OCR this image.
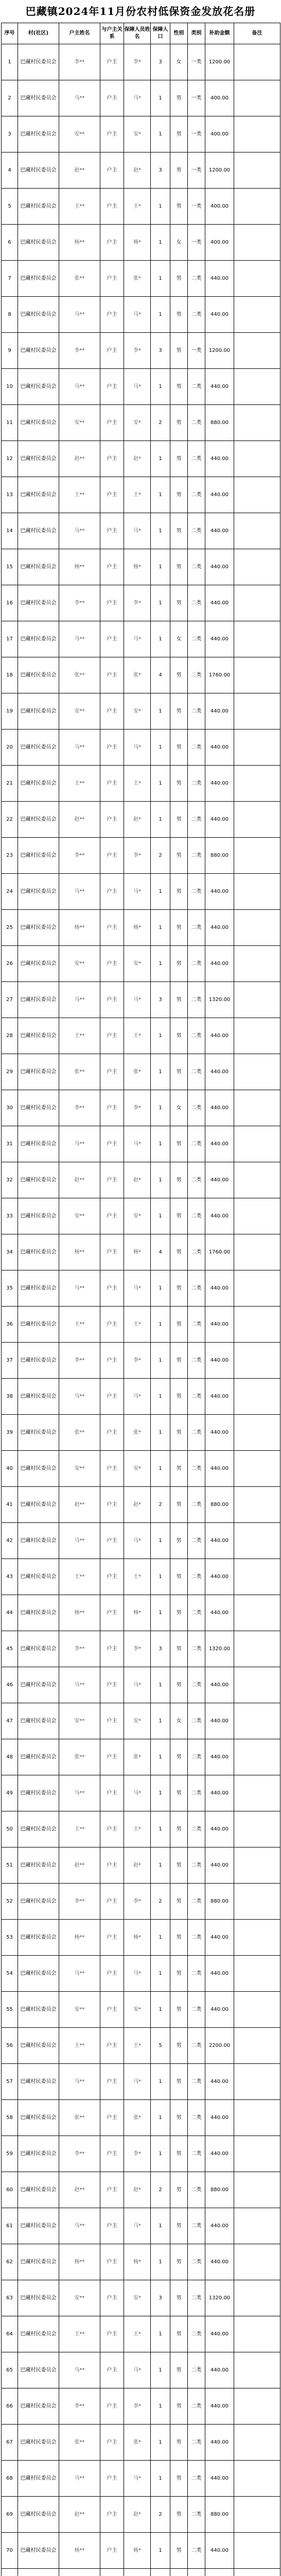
巴藏镇2024年11月份农村低保资金发放花名册
序号	村(社区)	户主姓名	与户主关系	保障人员姓名	保障人口	性别	类别	补助金额	备注
1	巴藏村民委员会	李**	户主	李*	3	女	一类	1200.00	
2	巴藏村民委员会	马**	户主	马*	1	男	一类	400.00	
3	巴藏村民委员会	安**	户主	安*	1	男	一类	400.00	
4	巴藏村民委员会	赵**	户主	赵*	3	男	一类	1200.00	
5	巴藏村民委员会	王**	户主	王*	1	男	一类	400.00	
6	巴藏村民委员会	杨**	户主	杨*	1	女	一类	400.00	
7	巴藏村民委员会	张**	户主	张*	1	男	二类	440.00	
8	巴藏村民委员会	马**	户主	马*	1	男	二类	440.00	
9	巴藏村民委员会	李**	户主	李*	3	男	一类	1200.00	
10	巴藏村民委员会	马**	户主	马*	1	男	二类	440.00	
11	巴藏村民委员会	安**	户主	安*	2	男	二类	880.00	
12	巴藏村民委员会	赵**	户主	赵*	1	男	二类	440.00	
13	巴藏村民委员会	王**	户主	王*	1	男	二类	440.00	
14	巴藏村民委员会	马**	户主	马*	1	男	二类	440.00	
15	巴藏村民委员会	杨**	户主	杨*	1	男	二类	440.00	
16	巴藏村民委员会	李**	户主	李*	1	男	二类	440.00	
17	巴藏村民委员会	马**	户主	马*	1	女	二类	440.00	
18	巴藏村民委员会	张**	户主	张*	4	男	二类	1760.00	
19	巴藏村民委员会	安**	户主	安*	1	男	二类	440.00	
20	巴藏村民委员会	马**	户主	马*	1	男	二类	440.00	
21	巴藏村民委员会	王**	户主	王*	1	男	二类	440.00	
22	巴藏村民委员会	赵**	户主	赵*	1	男	二类	440.00	
23	巴藏村民委员会	李**	户主	李*	2	男	二类	880.00	
24	巴藏村民委员会	马**	户主	马*	1	男	二类	440.00	
25	巴藏村民委员会	杨**	户主	杨*	1	男	二类	440.00	
26	巴藏村民委员会	安**	户主	安*	1	男	二类	440.00	
27	巴藏村民委员会	马**	户主	马*	3	男	二类	1320.00	
28	巴藏村民委员会	王**	户主	王*	1	男	二类	440.00	
29	巴藏村民委员会	张**	户主	张*	1	男	二类	440.00	
30	巴藏村民委员会	李**	户主	李*	1	女	二类	440.00	
31	巴藏村民委员会	马**	户主	马*	1	男	二类	440.00	
32	巴藏村民委员会	赵**	户主	赵*	1	男	二类	440.00	
33	巴藏村民委员会	安**	户主	安*	1	男	二类	440.00	
34	巴藏村民委员会	杨**	户主	杨*	4	男	二类	1760.00	
35	巴藏村民委员会	马**	户主	马*	1	男	二类	440.00	
36	巴藏村民委员会	王**	户主	王*	1	男	二类	440.00	
37	巴藏村民委员会	李**	户主	李*	1	男	二类	440.00	
38	巴藏村民委员会	马**	户主	马*	1	男	二类	440.00	
39	巴藏村民委员会	张**	户主	张*	1	男	二类	440.00	
40	巴藏村民委员会	安**	户主	安*	1	男	二类	440.00	
41	巴藏村民委员会	赵**	户主	赵*	2	男	二类	880.00	
42	巴藏村民委员会	马**	户主	马*	1	男	二类	440.00	
43	巴藏村民委员会	王**	户主	王*	1	男	二类	440.00	
44	巴藏村民委员会	杨**	户主	杨*	1	男	二类	440.00	
45	巴藏村民委员会	李**	户主	李*	3	男	二类	1320.00	
46	巴藏村民委员会	马**	户主	马*	1	男	二类	440.00	
47	巴藏村民委员会	安**	户主	安*	1	女	二类	440.00	
48	巴藏村民委员会	张**	户主	张*	1	男	二类	440.00	
49	巴藏村民委员会	马**	户主	马*	1	男	二类	440.00	
50	巴藏村民委员会	王**	户主	王*	1	男	二类	440.00	
51	巴藏村民委员会	赵**	户主	赵*	1	男	二类	440.00	
52	巴藏村民委员会	李**	户主	李*	2	男	二类	880.00	
53	巴藏村民委员会	杨**	户主	杨*	1	男	二类	440.00	
54	巴藏村民委员会	马**	户主	马*	1	男	二类	440.00	
55	巴藏村民委员会	安**	户主	安*	1	男	二类	440.00	
56	巴藏村民委员会	王**	户主	王*	5	男	二类	2200.00	
57	巴藏村民委员会	马**	户主	马*	1	男	二类	440.00	
58	巴藏村民委员会	张**	户主	张*	1	男	二类	440.00	
59	巴藏村民委员会	李**	户主	李*	1	男	二类	440.00	
60	巴藏村民委员会	赵**	户主	赵*	2	男	二类	880.00	
61	巴藏村民委员会	马**	户主	马*	1	男	二类	440.00	
62	巴藏村民委员会	杨**	户主	杨*	1	男	二类	440.00	
63	巴藏村民委员会	安**	户主	安*	3	男	二类	1320.00	
64	巴藏村民委员会	王**	户主	王*	1	男	二类	440.00	
65	巴藏村民委员会	马**	户主	马*	1	男	二类	440.00	
66	巴藏村民委员会	李**	户主	李*	1	男	二类	440.00	
67	巴藏村民委员会	张**	户主	张*	1	男	二类	440.00	
68	巴藏村民委员会	马**	户主	马*	1	男	二类	440.00	
69	巴藏村民委员会	赵**	户主	赵*	2	男	二类	880.00	
70	巴藏村民委员会	杨**	户主	杨*	1	男	二类	440.00	
